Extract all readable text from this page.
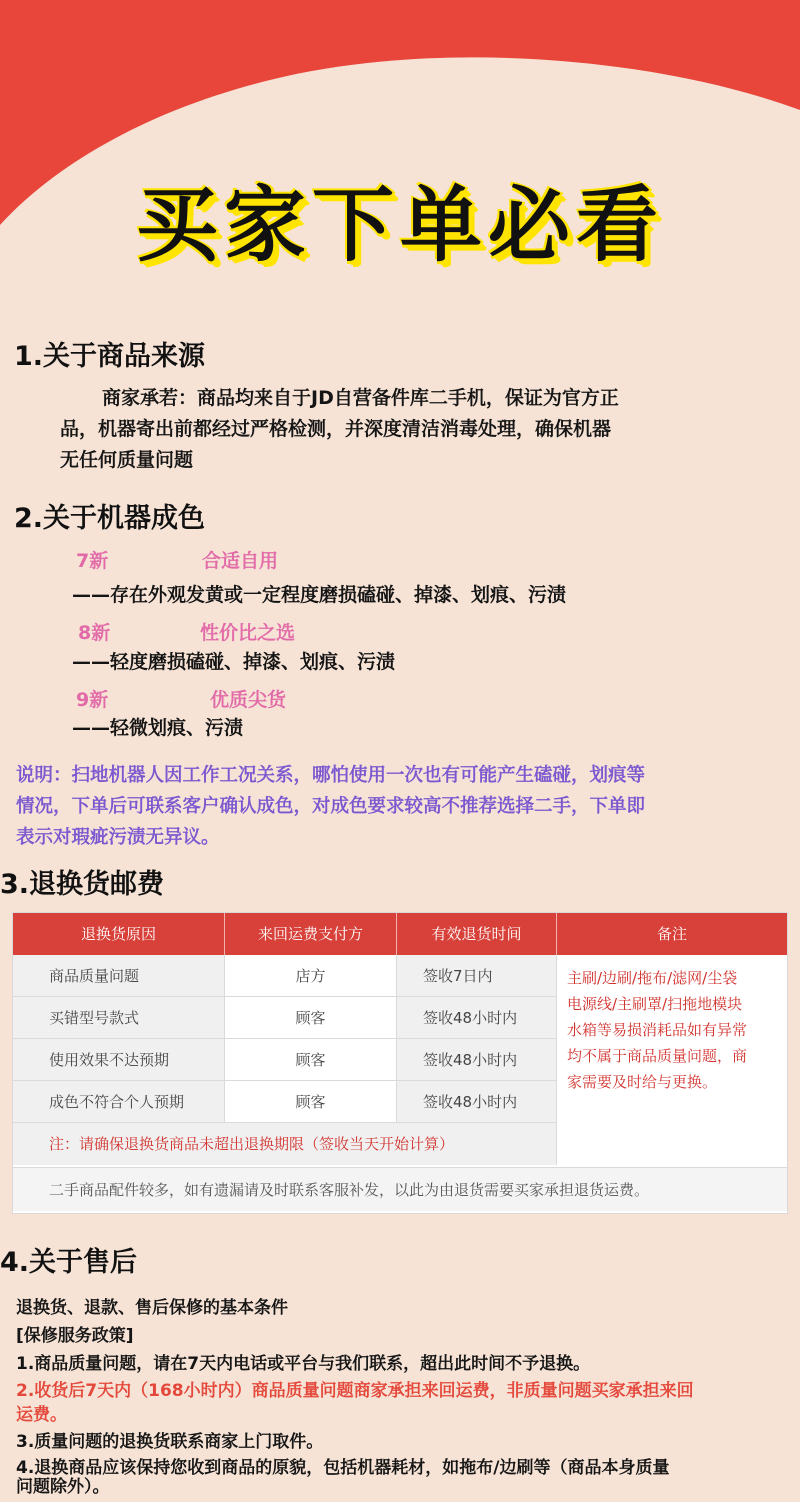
买家下单必看
1.关于商品来源
商家承若：商品均来自于JD自营备件库二手机，保证为官方正
品，机器寄出前都经过严格检测，并深度清洁消毒处理，确保机器
无任何质量问题
2.关于机器成色
7新	合适自用
——存在外观发黄或一定程度磨损磕碰、掉漆、划痕、污渍
8新	性价比之选
——轻度磨损磕碰、掉漆、划痕、污渍
9新	优质尖货
——轻微划痕、污渍
说明：扫地机器人因工作工况关系，哪怕使用一次也有可能产生磕碰，划痕等
情况，下单后可联系客户确认成色，对成色要求较高不推荐选择二手，下单即
表示对瑕疵污渍无异议。
3.退换货邮费
退换货原因	来回运费支付方	有效退货时间	备注
商品质量问题	店方	签收7日内
买错型号款式	顾客	签收48小时内
使用效果不达预期	顾客	签收48小时内
成色不符合个人预期	顾客	签收48小时内
主刷/边刷/拖布/滤网/尘袋
电源线/主刷罩/扫拖地模块
水箱等易损消耗品如有异常
均不属于商品质量问题，商
家需要及时给与更换。
注：请确保退换货商品未超出退换期限（签收当天开始计算）
二手商品配件较多，如有遗漏请及时联系客服补发，以此为由退货需要买家承担退货运费。
4.关于售后
退换货、退款、售后保修的基本条件
[保修服务政策]
1.商品质量问题，请在7天内电话或平台与我们联系，超出此时间不予退换。
2.收货后7天内（168小时内）商品质量问题商家承担来回运费，非质量问题买家承担来回
运费。
3.质量问题的退换货联系商家上门取件。
4.退换商品应该保持您收到商品的原貌，包括机器耗材，如拖布/边刷等（商品本身质量
问题除外）。
